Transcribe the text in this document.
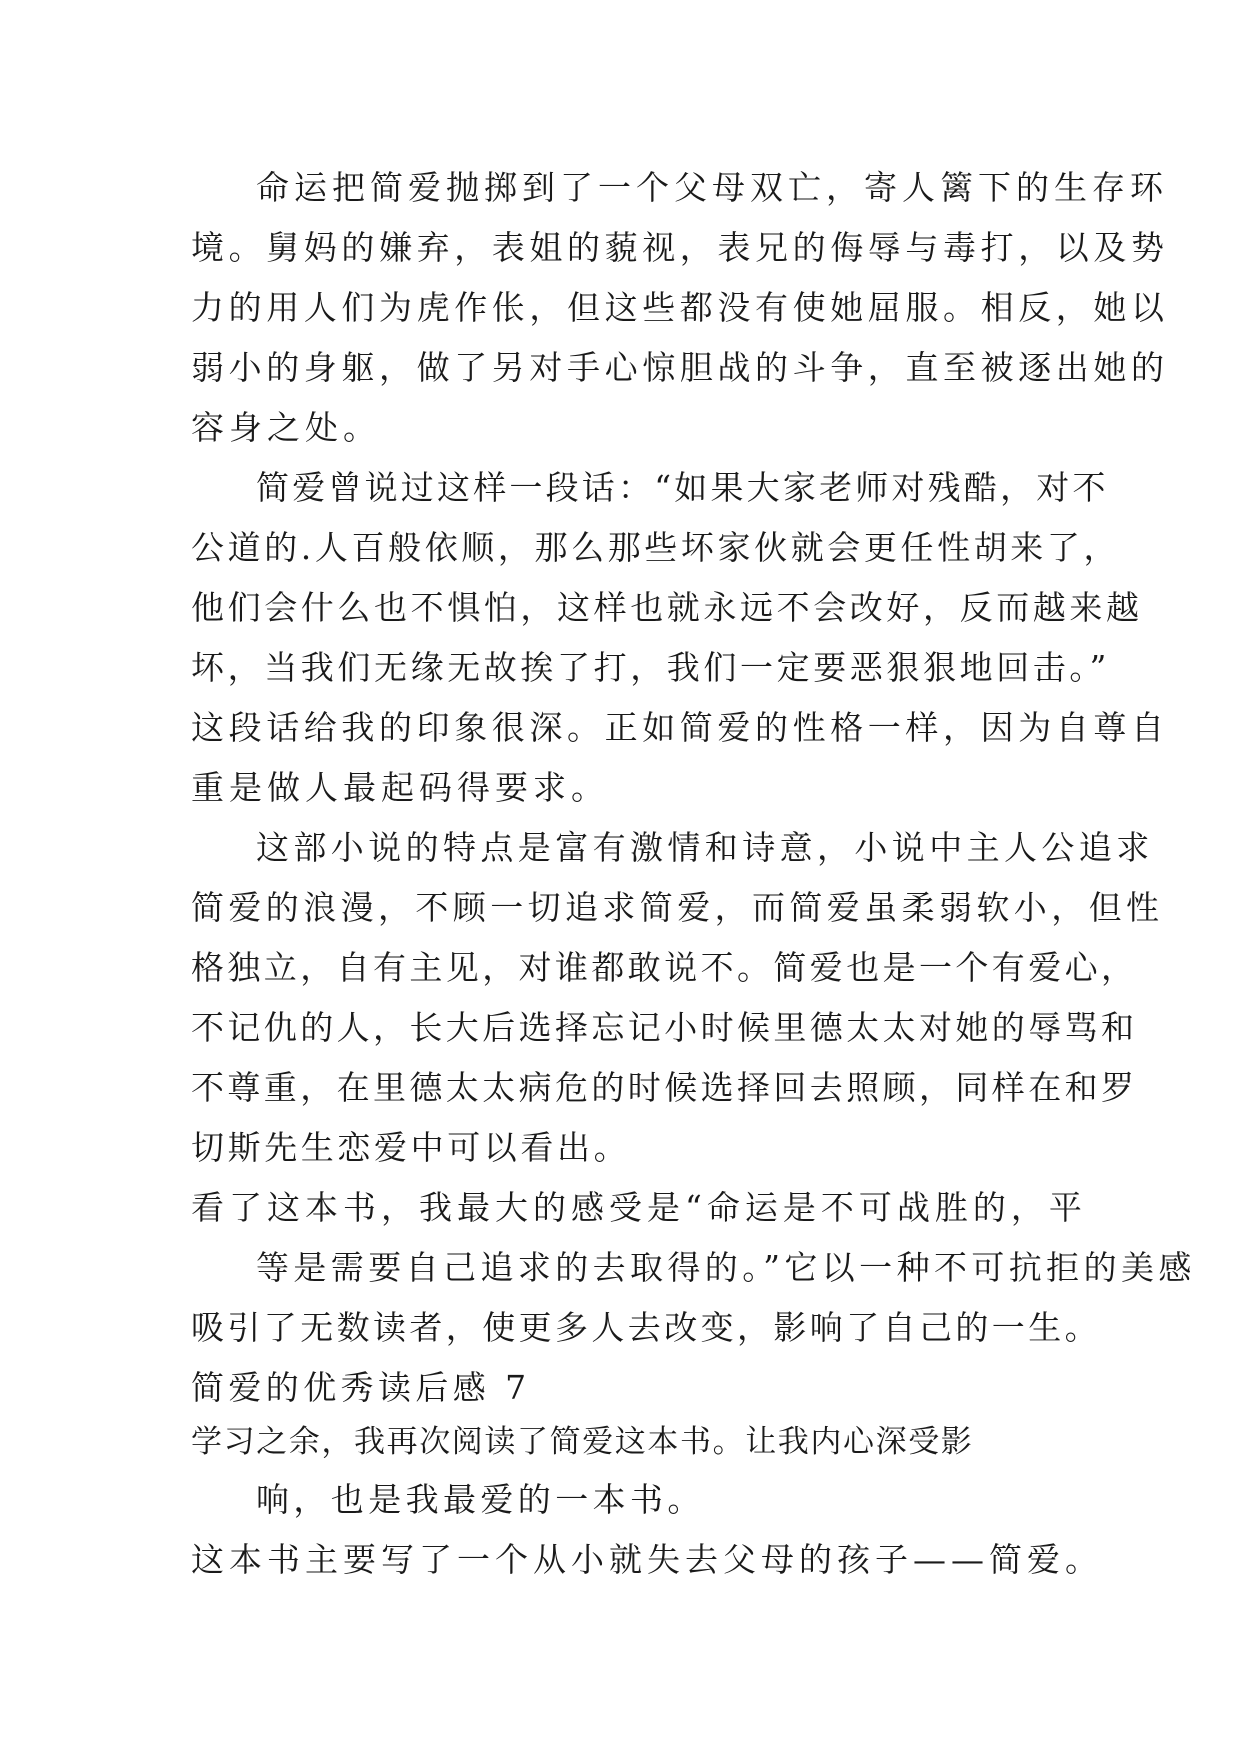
命运把简爱抛掷到了一个父母双亡，寄人篱下的生存环
境。舅妈的嫌弃，表姐的藐视，表兄的侮辱与毒打，以及势
力的用人们为虎作伥，但这些都没有使她屈服。相反，她以
弱小的身躯，做了另对手心惊胆战的斗争，直至被逐出她的
容身之处。
简爱曾说过这样一段话：“如果大家老师对残酷，对不
公道的.人百般依顺，那么那些坏家伙就会更任性胡来了，
他们会什么也不惧怕，这样也就永远不会改好，反而越来越
坏，当我们无缘无故挨了打，我们一定要恶狠狠地回击。”
这段话给我的印象很深。正如简爱的性格一样，因为自尊自
重是做人最起码得要求。
这部小说的特点是富有激情和诗意，小说中主人公追求
简爱的浪漫，不顾一切追求简爱，而简爱虽柔弱软小，但性
格独立，自有主见，对谁都敢说不。简爱也是一个有爱心，
不记仇的人，长大后选择忘记小时候里德太太对她的辱骂和
不尊重，在里德太太病危的时候选择回去照顾，同样在和罗
切斯先生恋爱中可以看出。
看了这本书，我最大的感受是“命运是不可战胜的，平
等是需要自己追求的去取得的。”它以一种不可抗拒的美感
吸引了无数读者，使更多人去改变，影响了自己的一生。
简爱的优秀读后感 7
学习之余，我再次阅读了简爱这本书。让我内心深受影
响，也是我最爱的一本书。
这本书主要写了一个从小就失去父母的孩子——简爱。
